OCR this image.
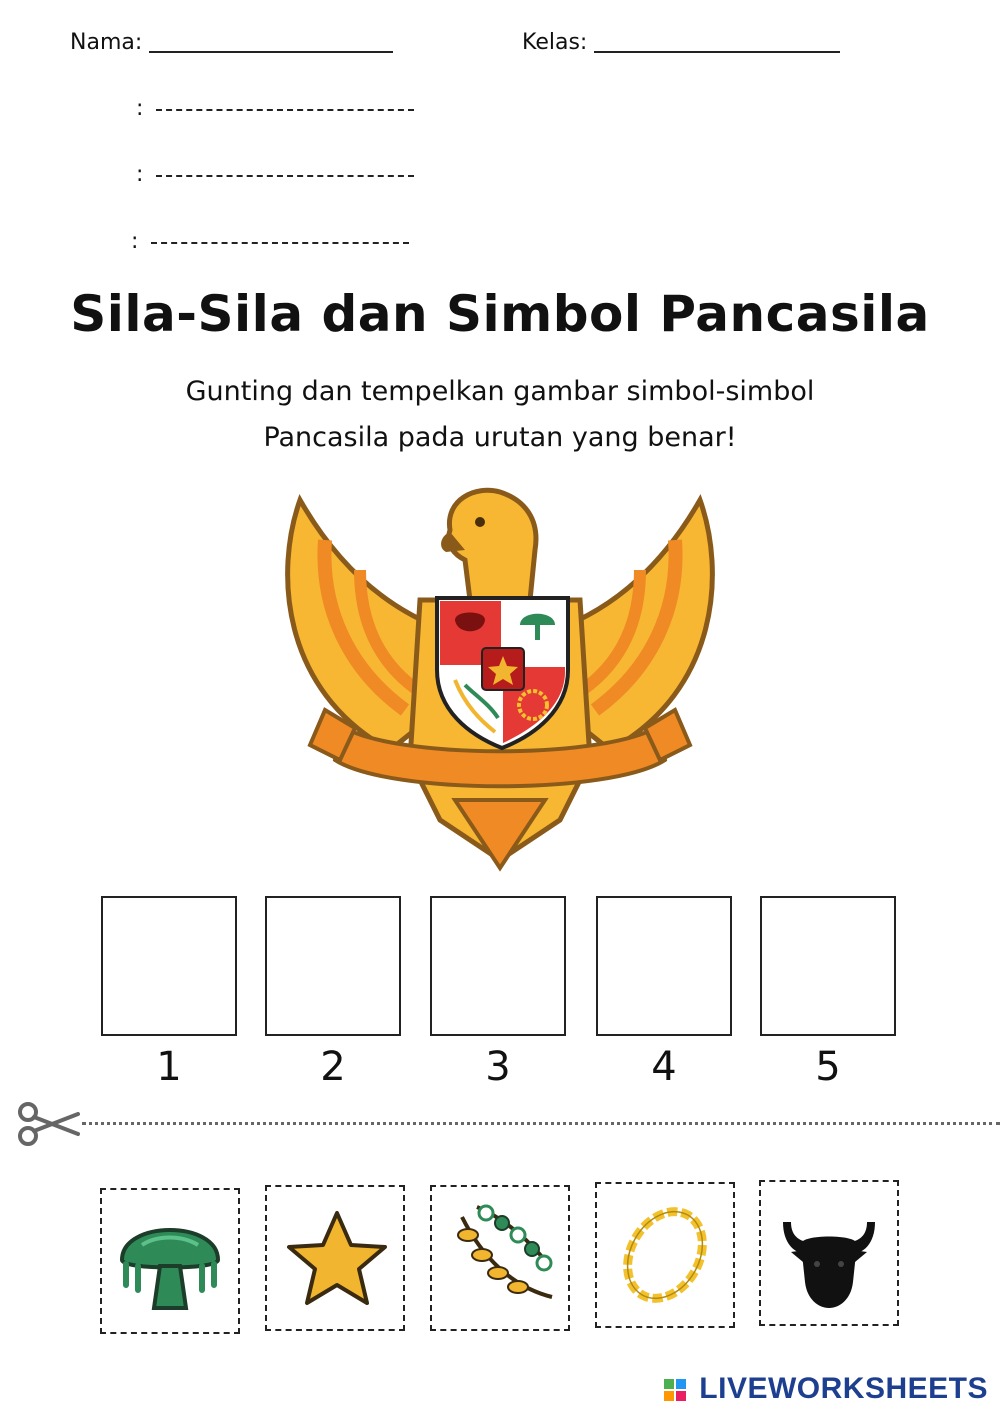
Nama:	Kelas:
:
:
:
Sila-Sila dan Simbol Pancasila
Gunting dan tempelkan gambar simbol-simbol
Pancasila pada urutan yang benar!
1	2	3	4	5
LIVEWORKSHEETS
